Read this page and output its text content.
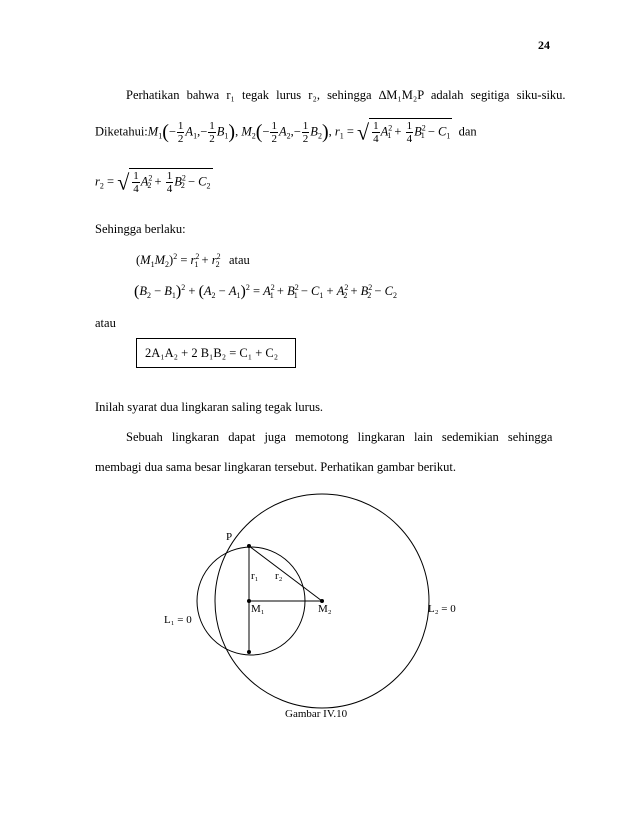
24
Perhatikan bahwa r₁ tegak lurus r₂, sehingga ∆M₁M₂P adalah segitiga siku-siku.
$Diketahui:M_1(- \frac{1}{2} A_1,- \frac{1}{2} B_1)$, $M_2(- \frac{1}{2} A_2,- \frac{1}{2} B_2)$, $r_1$ = √ $\frac{1}{4} A^2_1 + \frac{1}{4} B^2_1 - C_1$ dan
$r_2$ = √ $\frac{1}{4} A^2_2 + \frac{1}{4} B^2_2 - C_2$
Sehingga berlaku:
$(M_1M_2)^2 = r^2_1 + r^2_2$ atau
$(B_2 - B_1)^2 + (A_2 - A_1)^2 = A^2_1 + B^2_1 - C_1 + A^2_2 + B^2_2 - C_2$
atau
2A₁A₂ + 2 B₁B₂ = C₁ + C₂
Inilah syarat dua lingkaran saling tegak lurus.
Sebuah lingkaran dapat juga memotong lingkaran lain sedemikian sehingga
membagi dua sama besar lingkaran tersebut. Perhatikan gambar berikut.
P
r₁ r₂
M₁	M₂
L₁ = 0
L₂ = 0
Gambar IV.10
